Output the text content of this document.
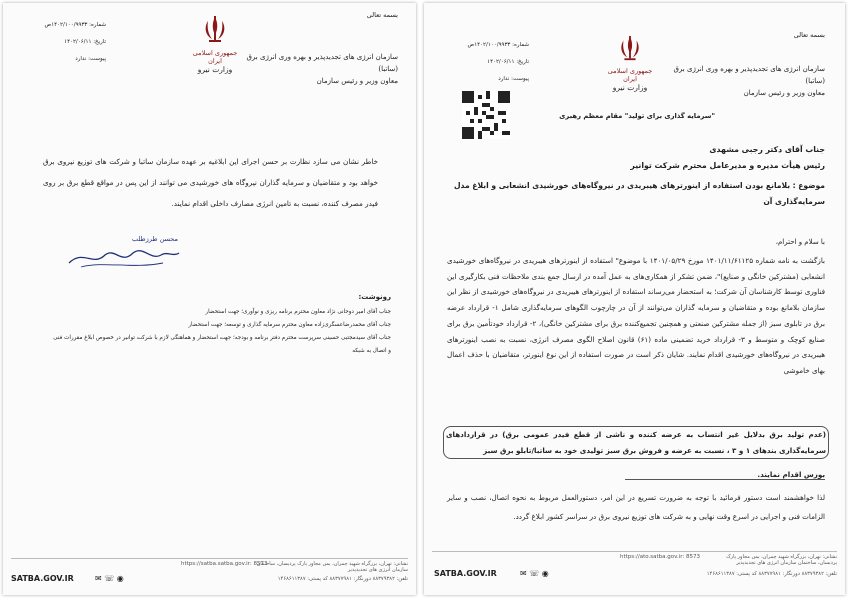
بسمه تعالی
سازمان انرژی های تجدیدپذیر و بهره وری انرژی برق (ساتبا)
معاون وزیر و رئیس سازمان
جمهوری اسلامی ایران
وزارت نیرو
شماره: ۱۴۰۲/۱۰۰/۹۹۳۳ص
تاریخ: ۱۴۰۲/۰۶/۱۱
پیوست: ندارد
خاطر نشان می سازد نظارت بر حسن اجرای این ابلاغیه بر عهده سازمان ساتبا و شرکت های توزیع نیروی برق خواهد بود و متقاضیان و سرمایه گذاران نیروگاه های خورشیدی می توانند از این پس در مواقع قطع برق بر روی فیدر مصرف کننده، نسبت به تامین انرژی مصارف داخلی اقدام نمایند.
محسن طرزطلب
رونوشت:
جناب آقای امیر دوحانی نژاد معاون محترم برنامه ریزی و نوآوری؛ جهت استحضار
جناب آقای محمدرضاعسگری‌زاده معاون محترم سرمایه گذاری و توسعه؛ جهت استحضار
جناب آقای سیدمجتبی حسینی سرپرست محترم دفتر برنامه و بودجه؛ جهت استحضار و هماهنگی لازم با شرکت توانیر در خصوص ابلاغ مقررات فنی و اتصال به شبکه
https://satba.satba.gov.ir: 8573
نشانی: تهران، بزرگراه شهید چمران، یمن مجاور پارک پردیسان، ساختمان سازمان انرژی های تجدیدپذیر
SATBA.GOV.IR	✉ ☏ ◉	تلفن: ۸۸۳۷۹۳۸۲ دورنگار: ۸۸۳۷۷۹۸۱ کد پستی: ۱۴۶۸۶۱۱۳۸۷
بسمه تعالی
سازمان انرژی های تجدیدپذیر و بهره وری انرژی برق (ساتبا)
معاون وزیر و رئیس سازمان
جمهوری اسلامی ایران
وزارت نیرو
شماره: ۱۴۰۲/۱۰۰/۹۹۳۳ص
تاریخ: ۱۴۰۲/۰۶/۱۱
پیوست: ندارد
"سرمایه گذاری برای تولید" مقام معظم رهبری
جناب آقای دکتر رجبی مشهدی
رئیس هیأت مدیره و مدیرعامل محترم شرکت توانیر
موضوع : بلامانع بودن استفاده از اینورترهای هیبریدی در نیروگاه‌های خورشیدی انشعابی و ابلاغ مدل سرمایه‌گذاری آن
با سلام و احترام،
بازگشت به نامه شماره ۱۴۰۱/۱۱/۶۱۱۲۵ مورخ ۱۴۰۱/۰۵/۲۹ با موضوع" استفاده از اینورترهای هیبریدی در نیروگاه‌های خورشیدی انشعابی (مشترکین خانگی و صنایع)"، ضمن تشکر از همکاری‌های به عمل آمده در ارسال جمع بندی ملاحظات فنی بکارگیری این فناوری توسط کارشناسان آن شرکت؛ به استحضار می‌رساند استفاده از اینورترهای هیبریدی در نیروگاه‌های خورشیدی از نظر این سازمان بلامانع بوده و متقاضیان و سرمایه گذاران می‌توانند از آن در چارچوب الگوهای سرمایه‌گذاری شامل ۱- قرارداد عرضه برق در تابلوی سبز (از جمله مشترکین صنعتی و همچنین تجمیع‌کننده برق برای مشترکین خانگی)، ۲- قرارداد خودتأمین برق برای صنایع کوچک و متوسط و ۳- قرارداد خرید تضمینی ماده (۶۱) قانون اصلاح الگوی مصرف انرژی، نسبت به نصب اینورترهای هیبریدی در نیروگاه‌های خورشیدی اقدام نمایند. شایان ذکر است در صورت استفاده از این نوع اینورتر، متقاضیان با حذف اعمال بهای خاموشی
(عدم تولید برق بدلایل غیر انتساب به عرضه کننده و ناشی از قطع فیدر عمومی برق) در قراردادهای سرمایه‌گذاری بندهای ۱ و ۳ ، نسبت به عرضه و فروش برق سبز تولیدی خود به ساتبا/تابلو برق سبز
بورس اقدام نمایند.
لذا خواهشمند است دستور فرمائید با توجه به ضرورت تسریع در این امر، دستورالعمل مربوط به نحوه اتصال، نصب و سایر الزامات فنی و اجرایی در اسرع وقت نهایی و به شرکت های توزیع نیروی برق در سراسر کشور ابلاغ گردد.
https://ato.satba.gov.ir: 8573	نشانی: تهران، بزرگراه شهید چمران، یمن مجاور پارک پردیسان، ساختمان سازمان انرژی های تجدیدپذیر
SATBA.GOV.IR	✉ ☏ ◉	تلفن: ۸۸۳۷۹۳۸۲ دورنگار: ۸۸۳۷۷۹۸۱ کد پستی: ۱۴۶۸۶۱۱۳۸۷
